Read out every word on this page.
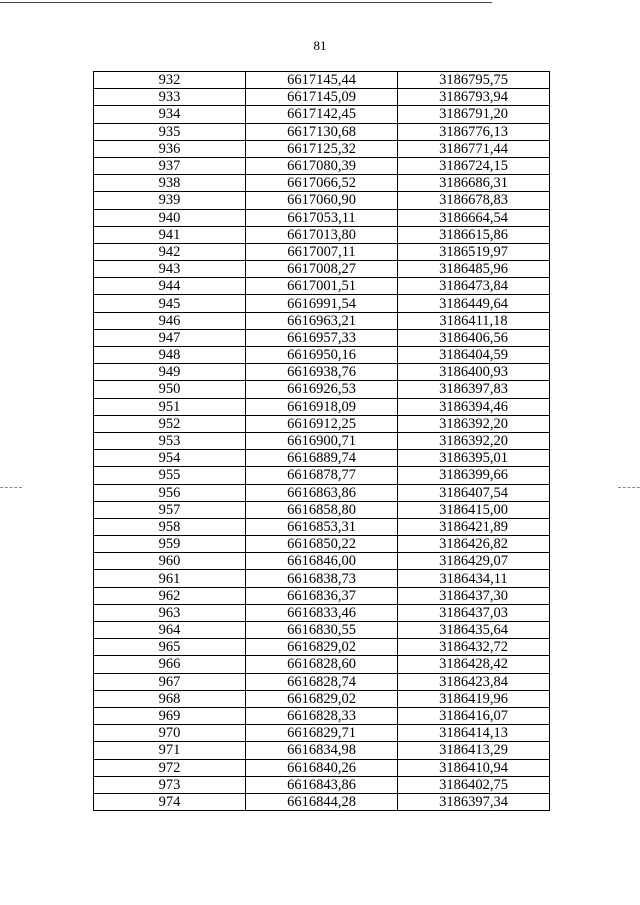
81
932	6617145,44	3186795,75
933	6617145,09	3186793,94
934	6617142,45	3186791,20
935	6617130,68	3186776,13
936	6617125,32	3186771,44
937	6617080,39	3186724,15
938	6617066,52	3186686,31
939	6617060,90	3186678,83
940	6617053,11	3186664,54
941	6617013,80	3186615,86
942	6617007,11	3186519,97
943	6617008,27	3186485,96
944	6617001,51	3186473,84
945	6616991,54	3186449,64
946	6616963,21	3186411,18
947	6616957,33	3186406,56
948	6616950,16	3186404,59
949	6616938,76	3186400,93
950	6616926,53	3186397,83
951	6616918,09	3186394,46
952	6616912,25	3186392,20
953	6616900,71	3186392,20
954	6616889,74	3186395,01
955	6616878,77	3186399,66
956	6616863,86	3186407,54
957	6616858,80	3186415,00
958	6616853,31	3186421,89
959	6616850,22	3186426,82
960	6616846,00	3186429,07
961	6616838,73	3186434,11
962	6616836,37	3186437,30
963	6616833,46	3186437,03
964	6616830,55	3186435,64
965	6616829,02	3186432,72
966	6616828,60	3186428,42
967	6616828,74	3186423,84
968	6616829,02	3186419,96
969	6616828,33	3186416,07
970	6616829,71	3186414,13
971	6616834,98	3186413,29
972	6616840,26	3186410,94
973	6616843,86	3186402,75
974	6616844,28	3186397,34
